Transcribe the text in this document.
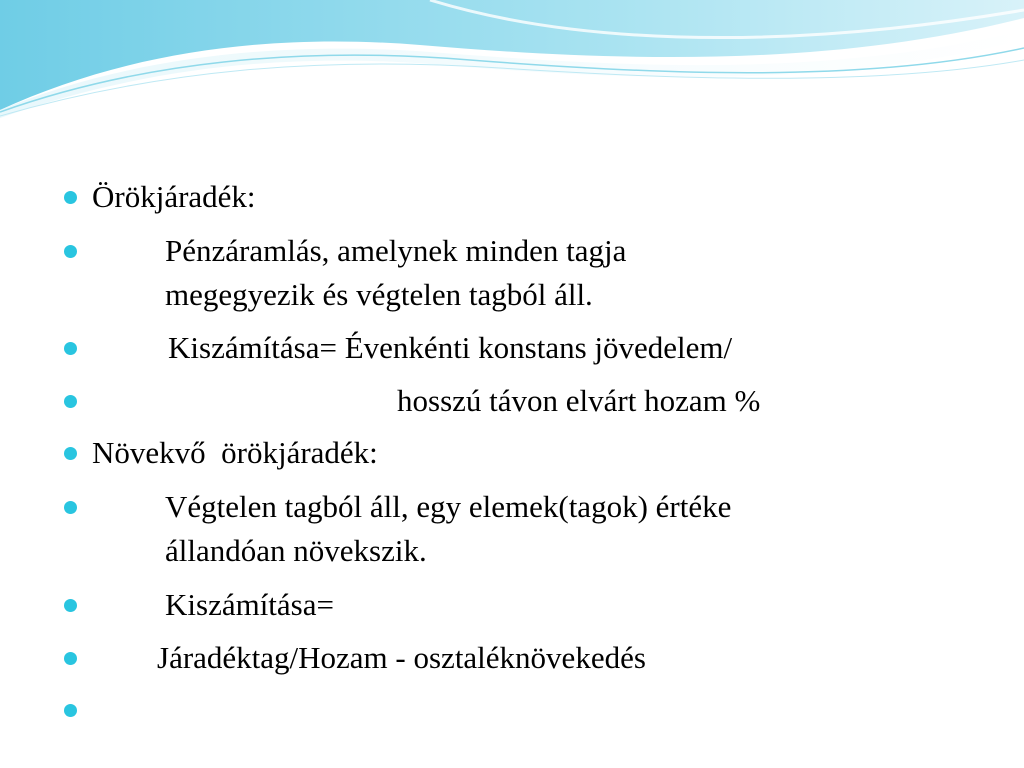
Örökjáradék:
Pénzáramlás, amelynek minden tagja
megegyezik és végtelen tagból áll.
Kiszámítása= Évenkénti konstans jövedelem/
hosszú távon elvárt hozam %
Növekvő  örökjáradék:
Végtelen tagból áll, egy elemek(tagok) értéke
állandóan növekszik.
Kiszámítása=
Járadéktag/Hozam - osztaléknövekedés
